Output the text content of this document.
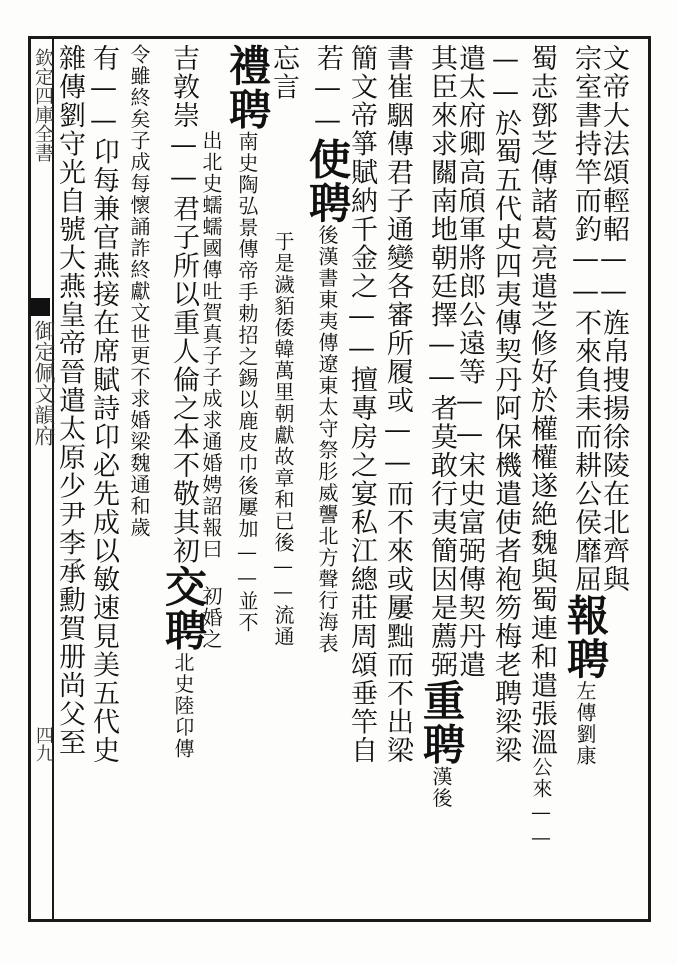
欽定四庫全書
御定佩文韻府
四九
文帝大法頌輕軺——旌帛捜揚徐陵在北齊與
宗室書持竿而釣——不來負耒而耕公侯靡屈報聘左傳劉康
蜀志鄧芝傳諸葛亮遣芝修好於權權遂絶魏與蜀連和遣張溫公來——
——於蜀五代史四夷傳契丹阿保機遣使者袍笏梅老聘梁梁
遣太府卿高頎軍將郎公遠等——宋史富弼傳契丹遣
其臣來求關南地朝廷擇——者莫敢行夷簡因是薦弼重聘漢後
書崔駰傳君子通變各審所履或——而不來或屢黜而不出梁
簡文帝箏賦納千金之——擅專房之宴私江總莊周頌垂竿自
若——使聘後漢書東夷傳遼東太守祭肜威讋北方聲行海表
忘言于是濊貊倭韓萬里朝獻故章和已後——流通
禮聘南史陶弘景傳帝手勅招之錫以鹿皮巾後屢加——並不
出北史蠕蠕國傳吐賀真子子成求通婚娉詔報曰 初婚之
吉敦崇——君子所以重人倫之本不敬其初交聘北史陸卬傳
令雖終矣子成每懷誦詐終獻文世更不求婚梁魏通和歲
有——卬每兼官燕接在席賦詩卬必先成以敏速見美五代史
雜傳劉守光自號大燕皇帝晉遣太原少尹李承勳賀册尚父至
